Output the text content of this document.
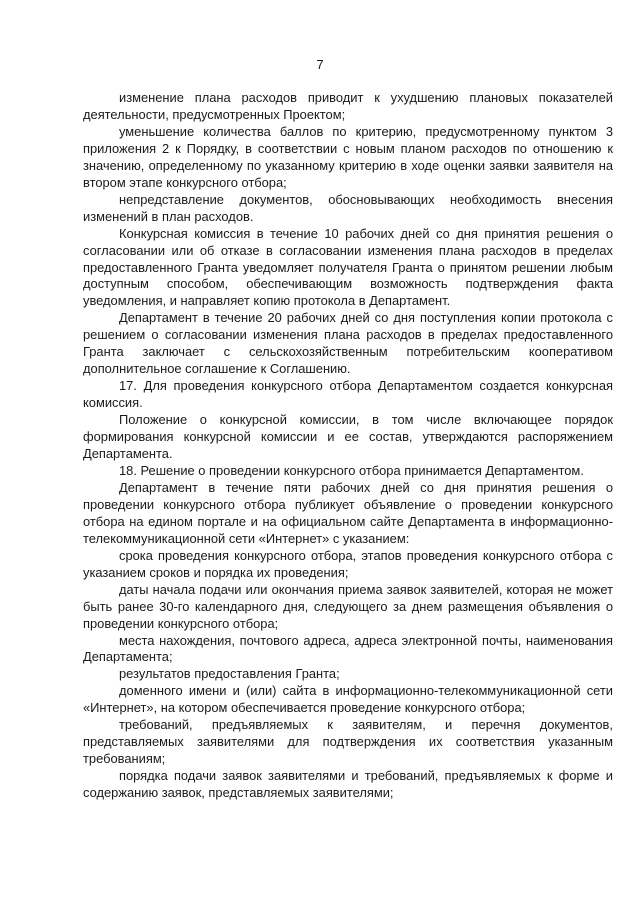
7

изменение плана расходов приводит к ухудшению плановых показателей деятельности, предусмотренных Проектом;

уменьшение количества баллов по критерию, предусмотренному пунктом 3 приложения 2 к Порядку, в соответствии с новым планом расходов по отношению к значению, определенному по указанному критерию в ходе оценки заявки заявителя на втором этапе конкурсного отбора;

непредставление документов, обосновывающих необходимость внесения изменений в план расходов.

Конкурсная комиссия в течение 10 рабочих дней со дня принятия решения о согласовании или об отказе в согласовании изменения плана расходов в пределах предоставленного Гранта уведомляет получателя Гранта о принятом решении любым доступным способом, обеспечивающим возможность подтверждения факта уведомления, и направляет копию протокола в Департамент.

Департамент в течение 20 рабочих дней со дня поступления копии протокола с решением о согласовании изменения плана расходов в пределах предоставленного Гранта заключает с сельскохозяйственным потребительским кооперативом дополнительное соглашение к Соглашению.

17. Для проведения конкурсного отбора Департаментом создается конкурсная комиссия.

Положение о конкурсной комиссии, в том числе включающее порядок формирования конкурсной комиссии и ее состав, утверждаются распоряжением Департамента.

18. Решение о проведении конкурсного отбора принимается Департаментом.

Департамент в течение пяти рабочих дней со дня принятия решения о проведении конкурсного отбора публикует объявление о проведении конкурсного отбора на едином портале и на официальном сайте Департамента в информационно-телекоммуникационной сети «Интернет» с указанием:

срока проведения конкурсного отбора, этапов проведения конкурсного отбора с указанием сроков и порядка их проведения;

даты начала подачи или окончания приема заявок заявителей, которая не может быть ранее 30-го календарного дня, следующего за днем размещения объявления о проведении конкурсного отбора;

места нахождения, почтового адреса, адреса электронной почты, наименования Департамента;

результатов предоставления Гранта;

доменного имени и (или) сайта в информационно-телекоммуникационной сети «Интернет», на котором обеспечивается проведение конкурсного отбора;

требований, предъявляемых к заявителям, и перечня документов, представляемых заявителями для подтверждения их соответствия указанным требованиям;

порядка подачи заявок заявителями и требований, предъявляемых к форме и содержанию заявок, представляемых заявителями;
